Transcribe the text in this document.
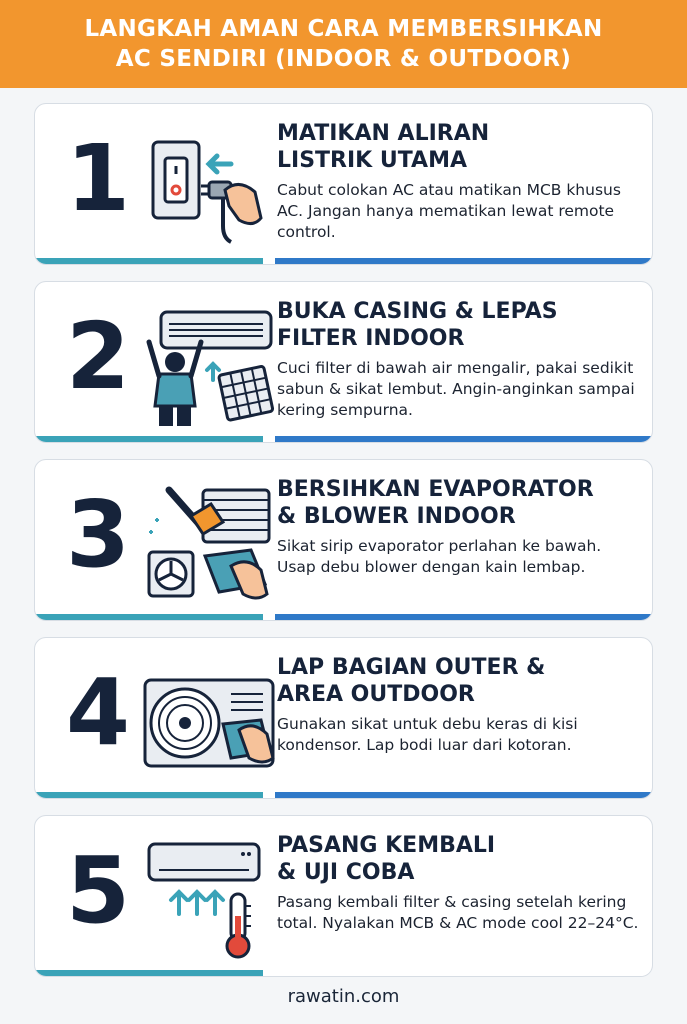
LANGKAH AMAN CARA MEMBERSIHKAN
AC SENDIRI (INDOOR & OUTDOOR)
1	MATIKAN ALIRAN
LISTRIK UTAMA

Cabut colokan AC atau matikan MCB khusus AC. Jangan hanya mematikan lewat remote control.

2	BUKA CASING & LEPAS
FILTER INDOOR

Cuci filter di bawah air mengalir, pakai sedikit sabun & sikat lembut. Angin-anginkan sampai kering sempurna.

3	BERSIHKAN EVAPORATOR
& BLOWER INDOOR

Sikat sirip evaporator perlahan ke bawah. Usap debu blower dengan kain lembap.

4	LAP BAGIAN OUTER &
AREA OUTDOOR

Gunakan sikat untuk debu keras di kisi kondensor. Lap bodi luar dari kotoran.

5	PASANG KEMBALI
& UJI COBA

Pasang kembali filter & casing setelah kering total. Nyalakan MCB & AC mode cool 22–24°C.

rawatin.com
